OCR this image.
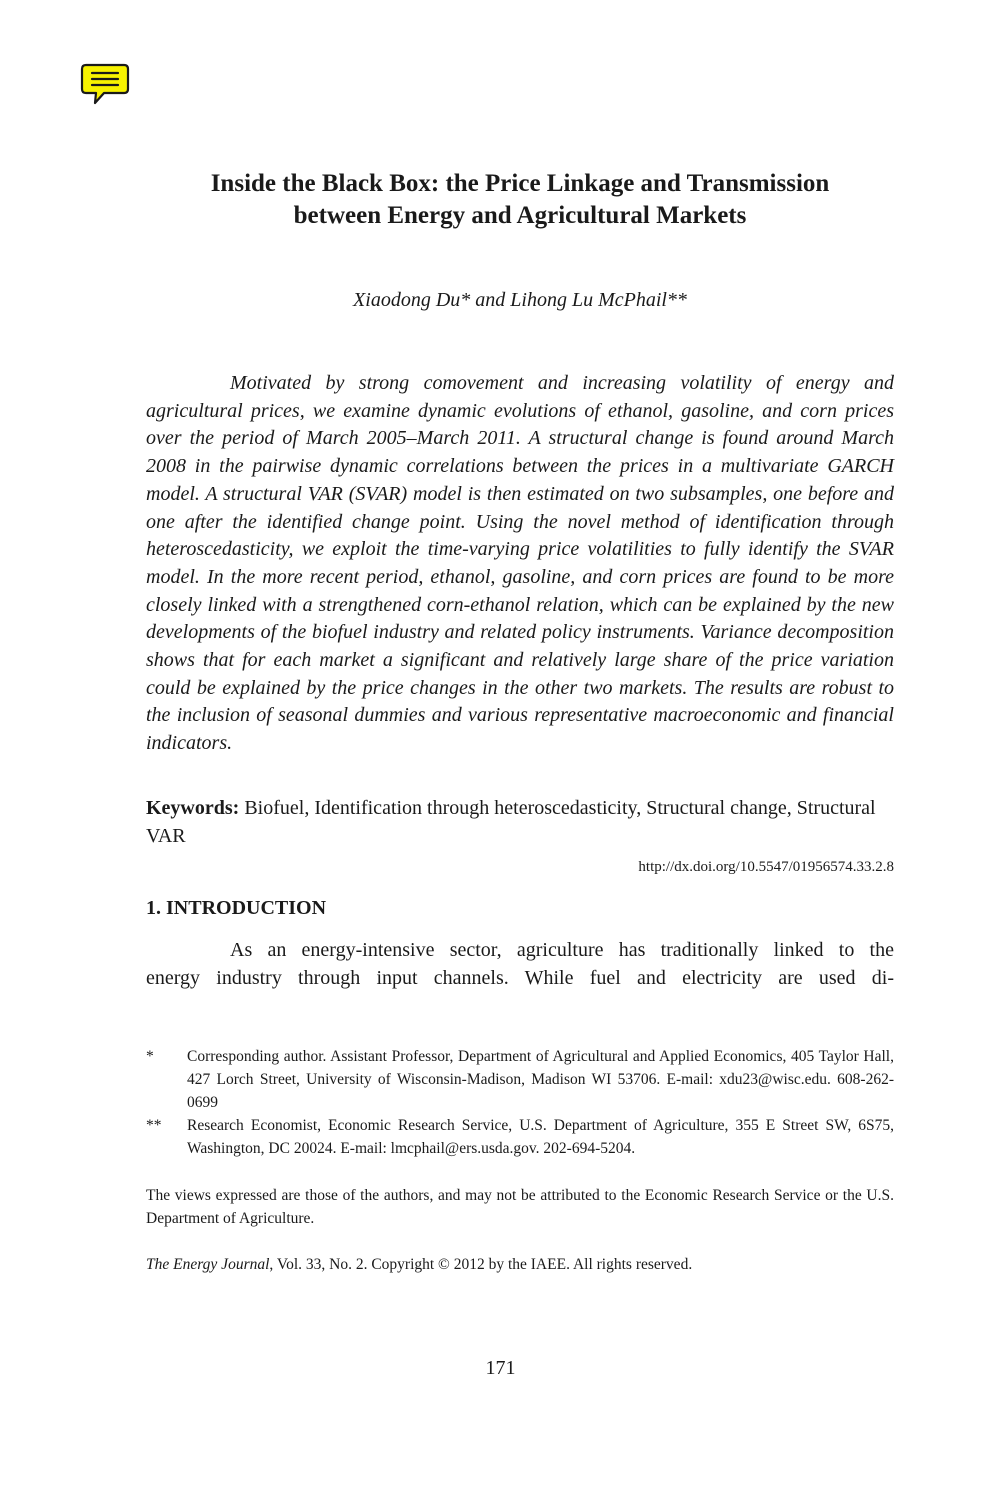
Inside the Black Box: the Price Linkage and Transmission
between Energy and Agricultural Markets
Xiaodong Du* and Lihong Lu McPhail**

Motivated by strong comovement and increasing volatility of energy and agricultural prices, we examine dynamic evolutions of ethanol, gasoline, and corn prices over the period of March 2005–March 2011. A structural change is found around March 2008 in the pairwise dynamic correlations between the prices in a multivariate GARCH model. A structural VAR (SVAR) model is then estimated on two subsamples, one before and one after the identified change point. Using the novel method of identification through heteroscedasticity, we exploit the time-varying price volatilities to fully identify the SVAR model. In the more recent period, ethanol, gasoline, and corn prices are found to be more closely linked with a strengthened corn-ethanol relation, which can be explained by the new developments of the biofuel industry and related policy instruments. Variance decomposition shows that for each market a significant and relatively large share of the price variation could be explained by the price changes in the other two markets. The results are robust to the inclusion of seasonal dummies and various representative macroeconomic and financial indicators.

Keywords: Biofuel, Identification through heteroscedasticity, Structural change, Structural VAR

http://dx.doi.org/10.5547/01956574.33.2.8
1. INTRODUCTION

As an energy-intensive sector, agriculture has traditionally linked to the
energy industry through input channels. While fuel and electricity are used di-

*	Corresponding author. Assistant Professor, Department of Agricultural and Applied Economics, 405 Taylor Hall, 427 Lorch Street, University of Wisconsin-Madison, Madison WI 53706. E-mail: xdu23@wisc.edu. 608-262-0699
**	Research Economist, Economic Research Service, U.S. Department of Agriculture, 355 E Street SW, 6S75, Washington, DC 20024. E-mail: lmcphail@ers.usda.gov. 202-694-5204.

The views expressed are those of the authors, and may not be attributed to the Economic Research Service or the U.S. Department of Agriculture.

The Energy Journal, Vol. 33, No. 2. Copyright © 2012 by the IAEE. All rights reserved.

171
